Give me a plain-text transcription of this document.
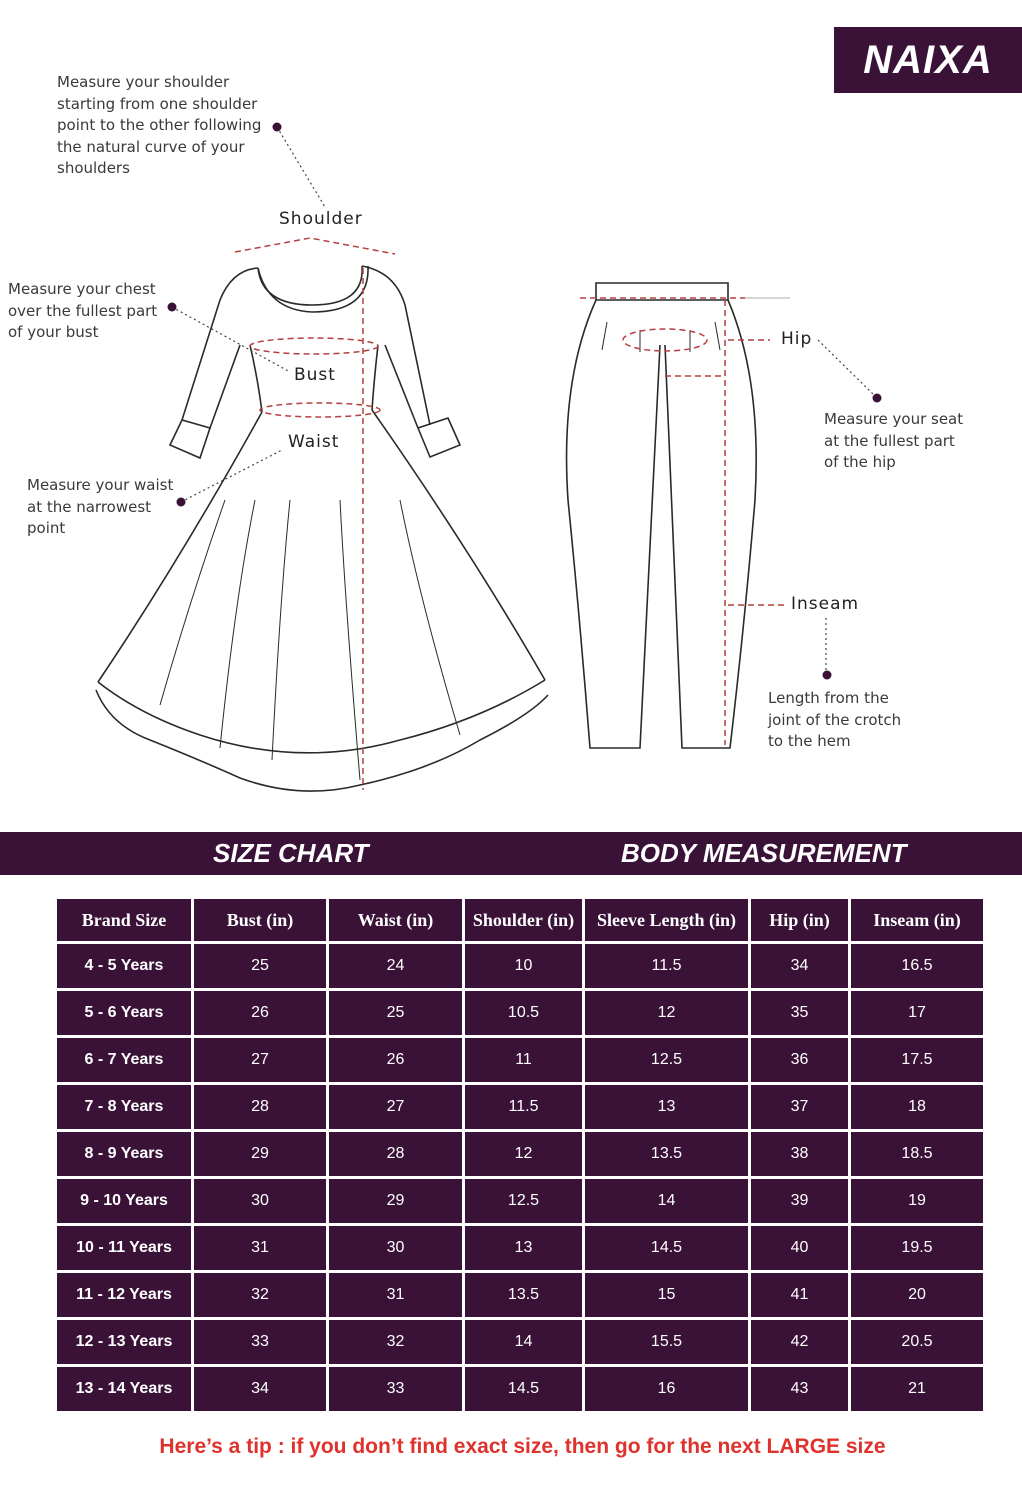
NAIXA
Measure your shoulder
starting from one shoulder
point to the other following
the natural curve of your
shoulders
Shoulder
Measure your chest
over the fullest part
of your bust
Bust
Waist
Measure your waist
at the narrowest
point
Hip
Measure your seat
at the fullest part
of the hip
Inseam
Length from the
joint of the crotch
to the hem
SIZE CHART	BODY MEASUREMENT
Brand Size	Bust (in)	Waist (in)	Shoulder (in)	Sleeve Length (in)	Hip (in)	Inseam (in)
4 - 5 Years	25	24	10	11.5	34	16.5
5 - 6 Years	26	25	10.5	12	35	17
6 - 7 Years	27	26	11	12.5	36	17.5
7 - 8 Years	28	27	11.5	13	37	18
8 - 9 Years	29	28	12	13.5	38	18.5
9 - 10 Years	30	29	12.5	14	39	19
10 - 11 Years	31	30	13	14.5	40	19.5
11 - 12 Years	32	31	13.5	15	41	20
12 - 13 Years	33	32	14	15.5	42	20.5
13 - 14 Years	34	33	14.5	16	43	21
Here’s a tip : if you don’t find exact size, then go for the next LARGE size
